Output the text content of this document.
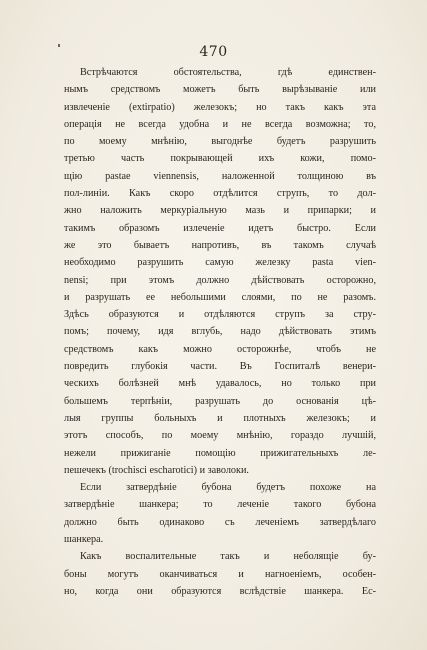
470
Встрѣчаются обстоятельства, гдѣ единствен-
нымъ средствомъ можетъ быть вырѣзываніе или
извлеченіе (extirpatio) железокъ; но такъ какъ эта
операція не всегда удобна и не всегда возможна; то,
по моему мнѣнію, выгоднѣе будетъ разрушить
третью часть покрывающей ихъ кожи, помо-
щію pastae viennensis, наложенной толщиною въ
пол-линіи. Какъ скоро отдѣлится струпъ, то дол-
жно наложить меркуріальную мазь и припарки; и
такимъ образомъ излеченіе идетъ быстро. Если
же это бываетъ напротивъ, въ такомъ случаѣ
необходимо разрушить самую железку pasta vien-
nensi; при этомъ должно дѣйствовать осторожно,
и разрушать ее небольшими слоями, по не разомъ.
Здѣсь образуются и отдѣляются струпъ за стру-
помъ; почему, идя вглубь, надо дѣйствовать этимъ
средствомъ какъ можно осторожнѣе, чтобъ не
повредить глубокія части. Въ Госпиталѣ венери-
ческихъ болѣзней мнѣ удавалось, но только при
большемъ терпѣніи, разрушать до основанія цѣ-
лыя группы больныхъ и плотныхъ железокъ; и
этотъ способъ, по моему мнѣнію, гораздо лучшій,
нежели прижиганіе помощію прижигательныхъ ле-
пешечекъ (trochisci escharotici) и заволоки.
Если затвердѣніе бубона будетъ похоже на
затвердѣніе шанкера; то леченіе такого бубона
должно быть одинаково съ леченіемъ затвердѣлаго
шанкера.
Какъ воспалительные такъ и неболящіе бу-
боны могутъ оканчиваться и нагноеніемъ, особен-
но, когда они образуются вслѣдствіе шанкера. Ес-
